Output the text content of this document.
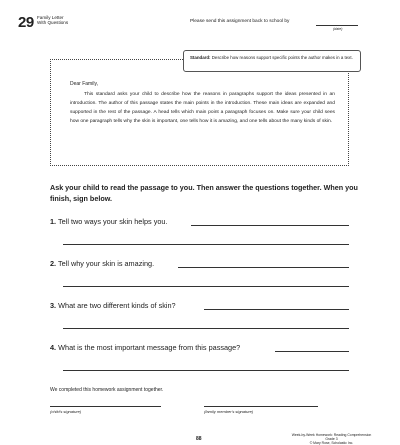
29 Family Letter
With Questions	Please send this assignment back to school by
(date)
Standard: Describe how reasons support specific points the author makes in a text.
Dear Family,
This standard asks your child to describe how the reasons in paragraphs support the ideas presented in an introduction. The author of this passage states the main points in the introduction. These main ideas are expanded and supported in the rest of the passage. A head tells which main point a paragraph focuses on. Make sure your child sees how one paragraph tells why the skin is important, one tells how it is amazing, and one tells about the many kinds of skin.
Ask your child to read the passage to you. Then answer the questions together. When you finish, sign below.
1. Tell two ways your skin helps you.
2. Tell why your skin is amazing.
3. What are two different kinds of skin?
4. What is the most important message from this passage?
We completed this homework assignment together.
(child's signature)	(family member's signature)
88
Week-by-Week Homework: Reading Comprehension Grade 3
© Mary Rose, Scholastic Inc.
